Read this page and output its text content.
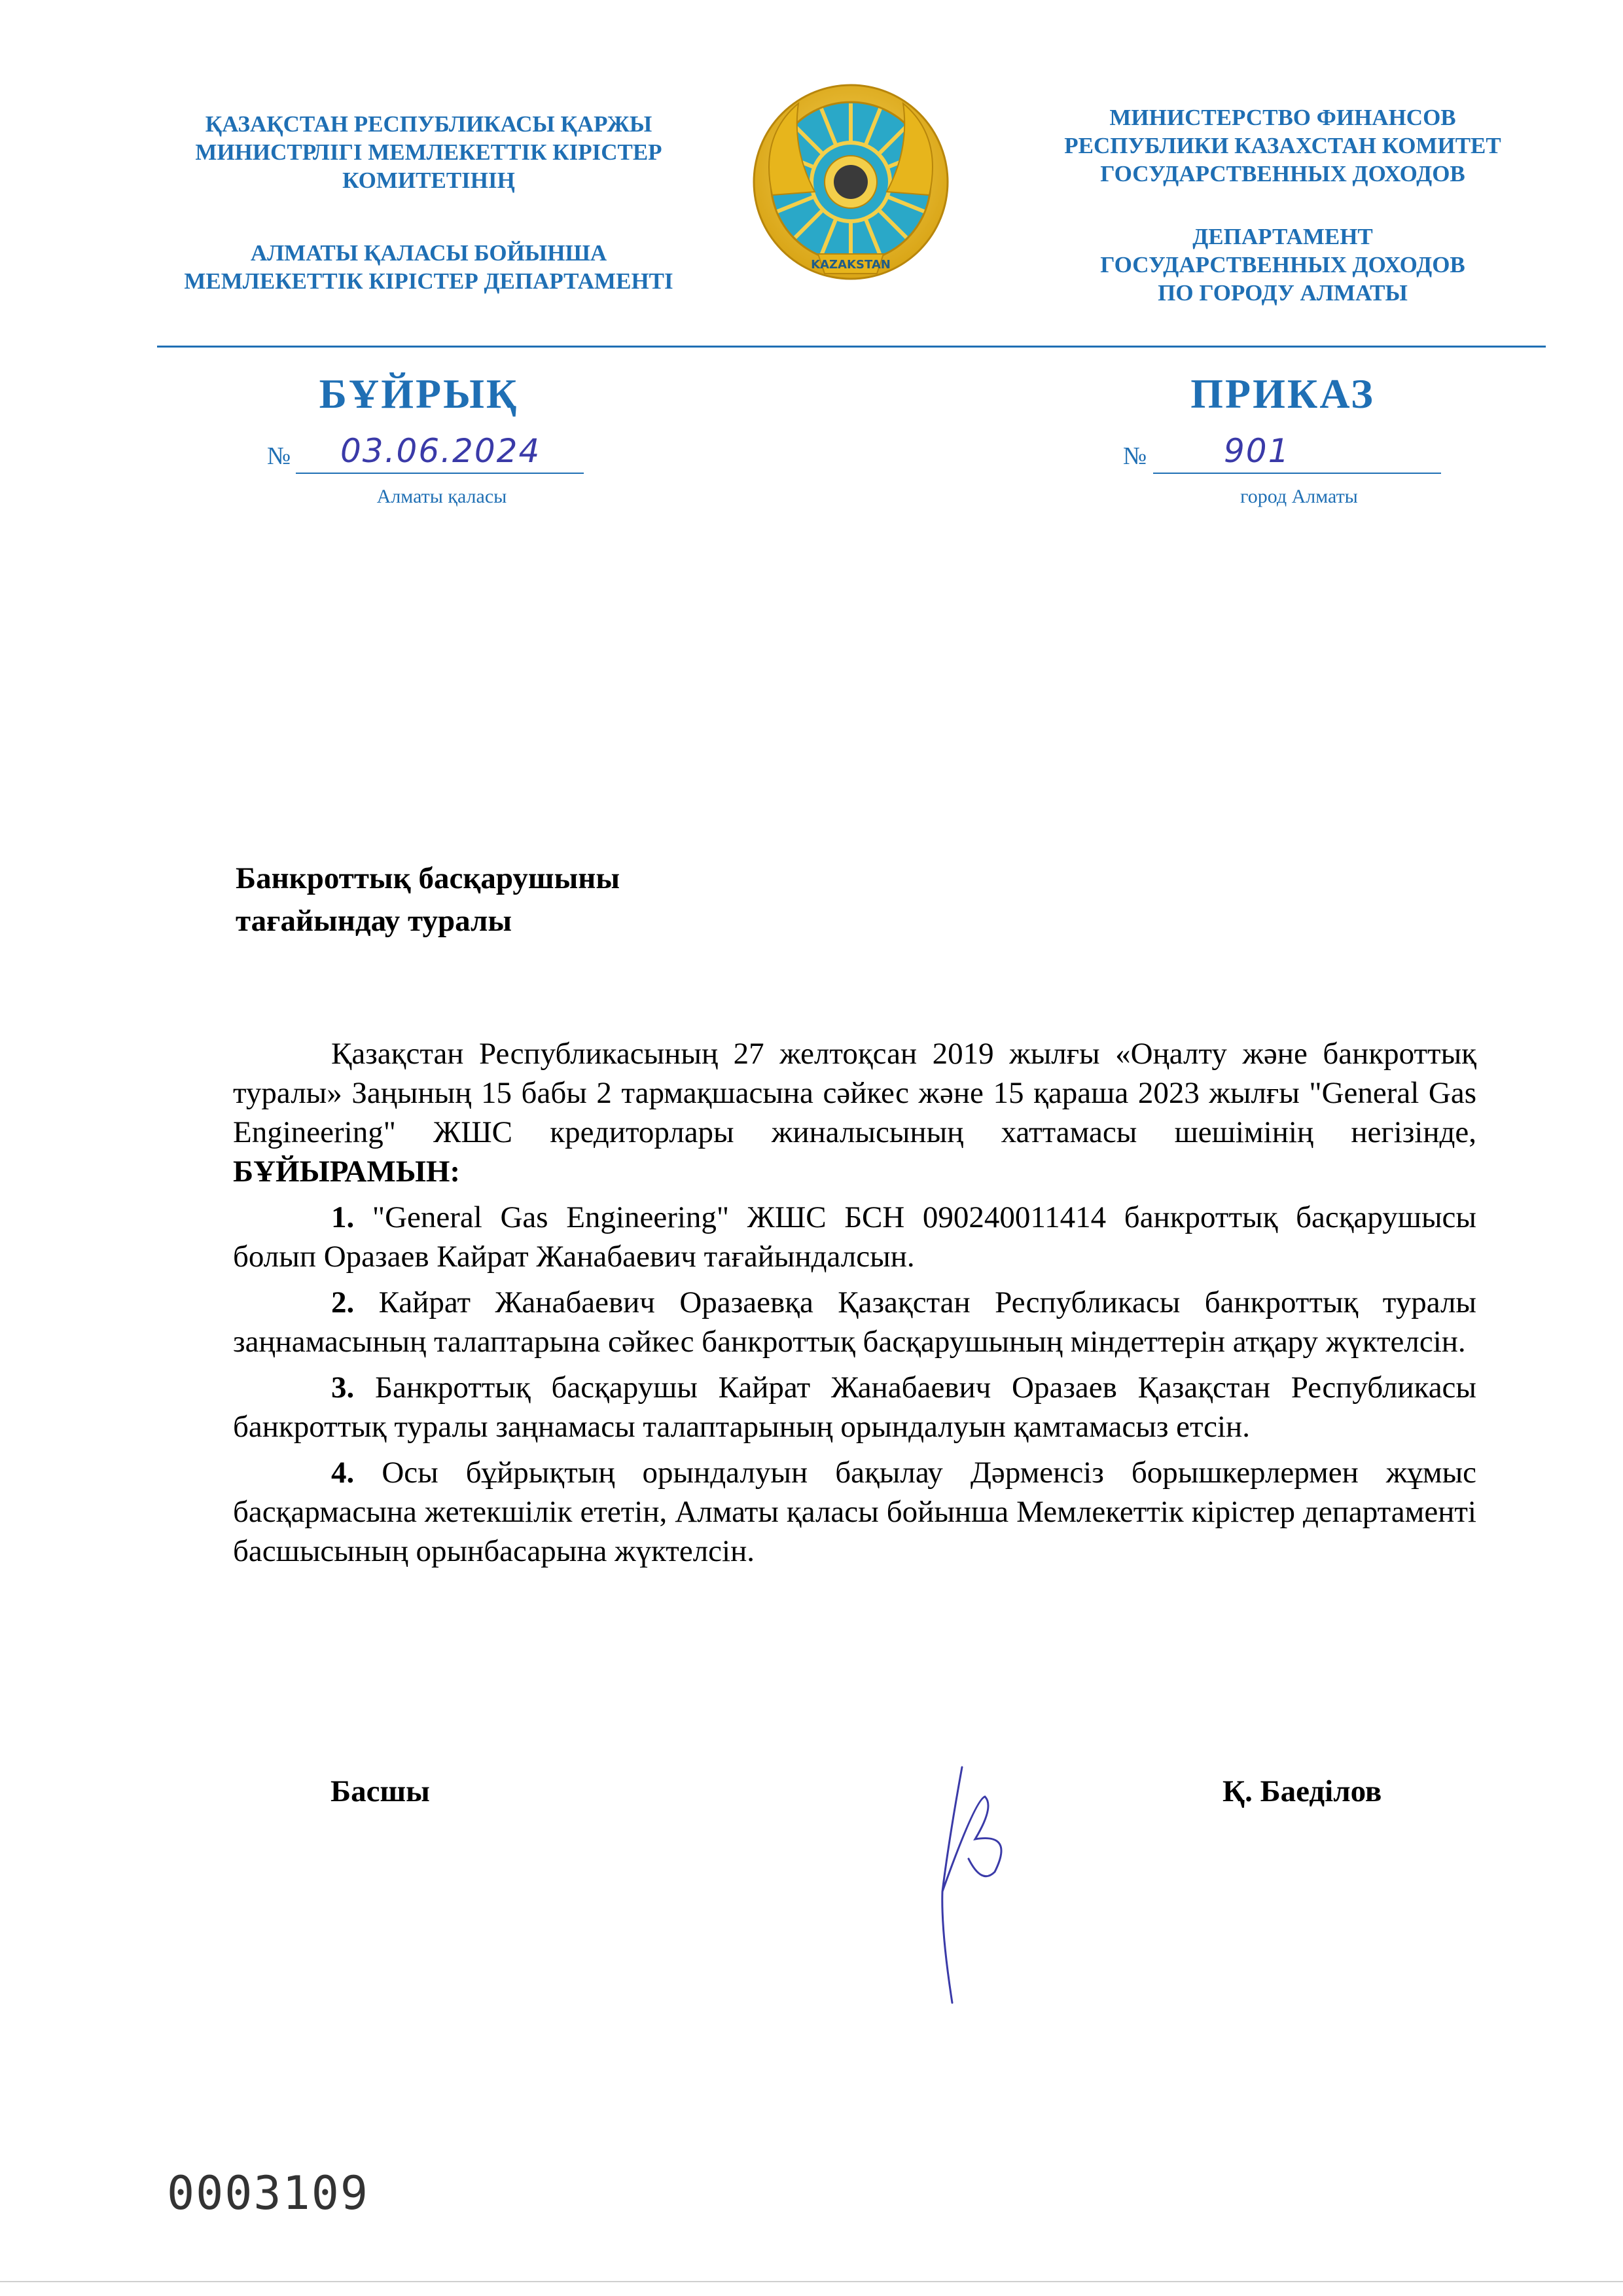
ҚАЗАҚСТАН РЕСПУБЛИКАСЫ ҚАРЖЫ
МИНИСТРЛІГІ МЕМЛЕКЕТТІК КІРІСТЕР
КОМИТЕТІНІҢ
АЛМАТЫ ҚАЛАСЫ БОЙЫНША
МЕМЛЕКЕТТІК КІРІСТЕР ДЕПАРТАМЕНТІ
KAZAKSTAN
МИНИСТЕРСТВО ФИНАНСОВ
РЕСПУБЛИКИ КАЗАХСТАН КОМИТЕТ
ГОСУДАРСТВЕННЫХ ДОХОДОВ
ДЕПАРТАМЕНТ
ГОСУДАРСТВЕННЫХ ДОХОДОВ
ПО ГОРОДУ АЛМАТЫ
БҰЙРЫҚ	ПРИКАЗ
№ 03.06.2024
Алматы қаласы
№ 901
город Алматы
Банкроттық басқарушыны
тағайындау туралы

Қазақстан Республикасының 27 желтоқсан 2019 жылғы «Оңалту және банкроттық туралы» Заңының 15 бабы 2 тармақшасына сәйкес және 15 қараша 2023 жылғы "General Gas Engineering" ЖШС кредиторлары жиналысының хаттамасы шешімінің негізінде, БҰЙЫРАМЫН:

1. "General Gas Engineering" ЖШС БСН 090240011414 банкроттық басқарушысы болып Оразаев Кайрат Жанабаевич тағайындалсын.

2. Кайрат Жанабаевич Оразаевқа Қазақстан Республикасы банкроттық туралы заңнамасының талаптарына сәйкес банкроттық басқарушының міндеттерін атқару жүктелсін.

3. Банкроттық басқарушы Кайрат Жанабаевич Оразаев Қазақстан Республикасы банкроттық туралы заңнамасы талаптарының орындалуын қамтамасыз етсін.

4. Осы бұйрықтың орындалуын бақылау Дәрменсіз борышкерлермен жұмыс басқармасына жетекшілік ететін, Алматы қаласы бойынша Мемлекеттік кірістер департаменті басшысының орынбасарына жүктелсін.

Басшы	Қ. Баеділов
0003109
